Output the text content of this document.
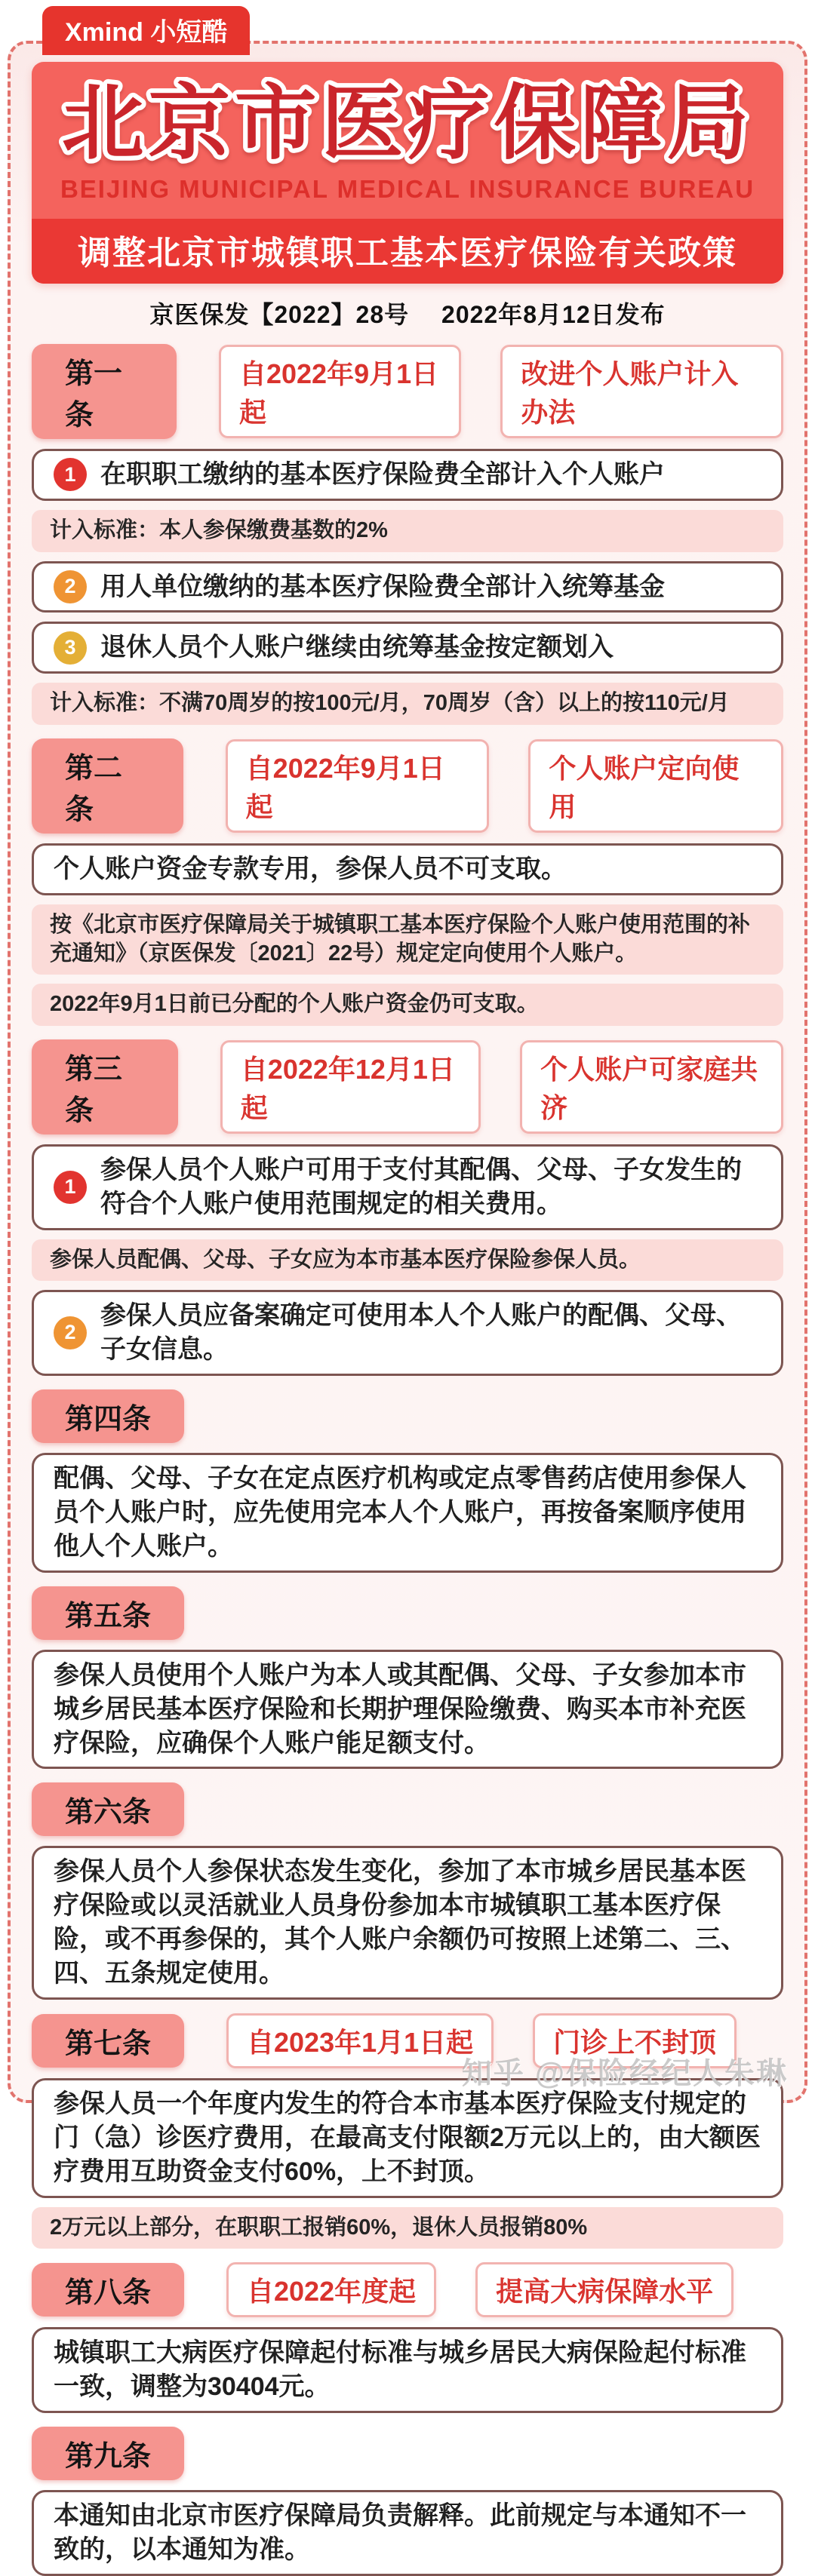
Xmind 小短酷
北京市医疗保障局
BEIJING MUNICIPAL MEDICAL INSURANCE BUREAU
调整北京市城镇职工基本医疗保险有关政策
京医保发【2022】28号　 2022年8月12日发布
第一条
自2022年9月1日起
改进个人账户计入办法
1 在职职工缴纳的基本医疗保险费全部计入个人账户
计入标准：本人参保缴费基数的2%
2 用人单位缴纳的基本医疗保险费全部计入统筹基金
3 退休人员个人账户继续由统筹基金按定额划入
计入标准：不满70周岁的按100元/月，70周岁（含）以上的按110元/月
第二条
自2022年9月1日起
个人账户定向使用
个人账户资金专款专用，参保人员不可支取。
按《北京市医疗保障局关于城镇职工基本医疗保险个人账户使用范围的补充通知》（京医保发〔2021〕22号）规定定向使用个人账户。
2022年9月1日前已分配的个人账户资金仍可支取。
第三条
自2022年12月1日起
个人账户可家庭共济
1
参保人员个人账户可用于支付其配偶、父母、子女发生的符合个人账户使用范围规定的相关费用。
参保人员配偶、父母、子女应为本市基本医疗保险参保人员。
2
参保人员应备案确定可使用本人个人账户的配偶、父母、子女信息。
第四条
配偶、父母、子女在定点医疗机构或定点零售药店使用参保人员个人账户时，应先使用完本人个人账户，再按备案顺序使用他人个人账户。
第五条
参保人员使用个人账户为本人或其配偶、父母、子女参加本市城乡居民基本医疗保险和长期护理保险缴费、购买本市补充医疗保险，应确保个人账户能足额支付。
第六条
参保人员个人参保状态发生变化，参加了本市城乡居民基本医疗保险或以灵活就业人员身份参加本市城镇职工基本医疗保险，或不再参保的，其个人账户余额仍可按照上述第二、三、四、五条规定使用。
第七条	自2023年1月1日起	门诊上不封顶
参保人员一个年度内发生的符合本市基本医疗保险支付规定的门（急）诊医疗费用，在最高支付限额2万元以上的，由大额医疗费用互助资金支付60%，上不封顶。
2万元以上部分，在职职工报销60%，退休人员报销80%
第八条	自2022年度起	提高大病保障水平
城镇职工大病医疗保障起付标准与城乡居民大病保险起付标准一致，调整为30404元。
第九条
本通知由北京市医疗保障局负责解释。此前规定与本通知不一致的，以本通知为准。
知乎 @保险经纪人朱琳
